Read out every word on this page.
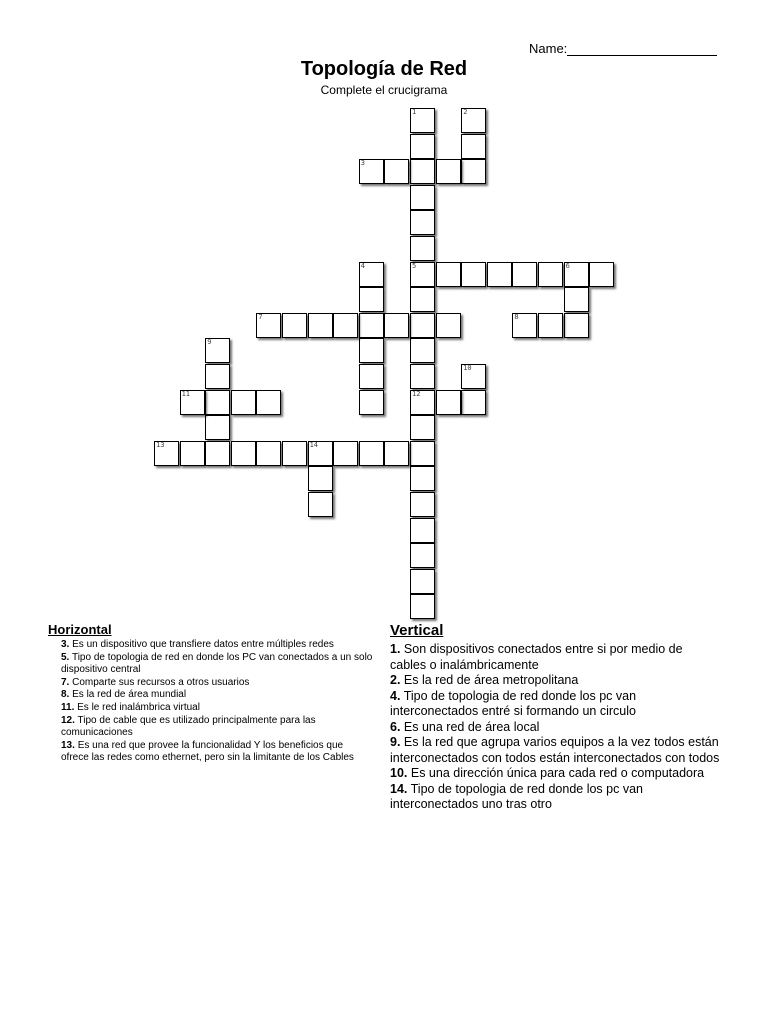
Name:
Topología de Red
Complete el crucigrama
1	2
3
4	5	6
7	8
9
10
11	12
13	14
Horizontal
3. Es un dispositivo que transfiere datos entre múltiples redes
5. Tipo de topologia de red en donde los PC van conectados a un solo dispositivo central
7. Comparte sus recursos a otros usuarios
8. Es la red de área mundial
11. Es le red inalámbrica virtual
12. Tipo de cable que es utilizado principalmente para las comunicaciones
13. Es una red que provee la funcionalidad Y los beneficios que ofrece las redes como ethernet, pero sin la limitante de los Cables
Vertical
1. Son dispositivos conectados entre si por medio de cables o inalámbricamente
2. Es la red de área metropolitana
4. Tipo de topologia de red donde los pc van interconectados entré si formando un circulo
6. Es una red de área local
9. Es la red que agrupa varios equipos a la vez todos están interconectados con todos están interconectados con todos
10. Es una dirección única para cada red o computadora
14. Tipo de topologia de red donde los pc van interconectados uno tras otro
